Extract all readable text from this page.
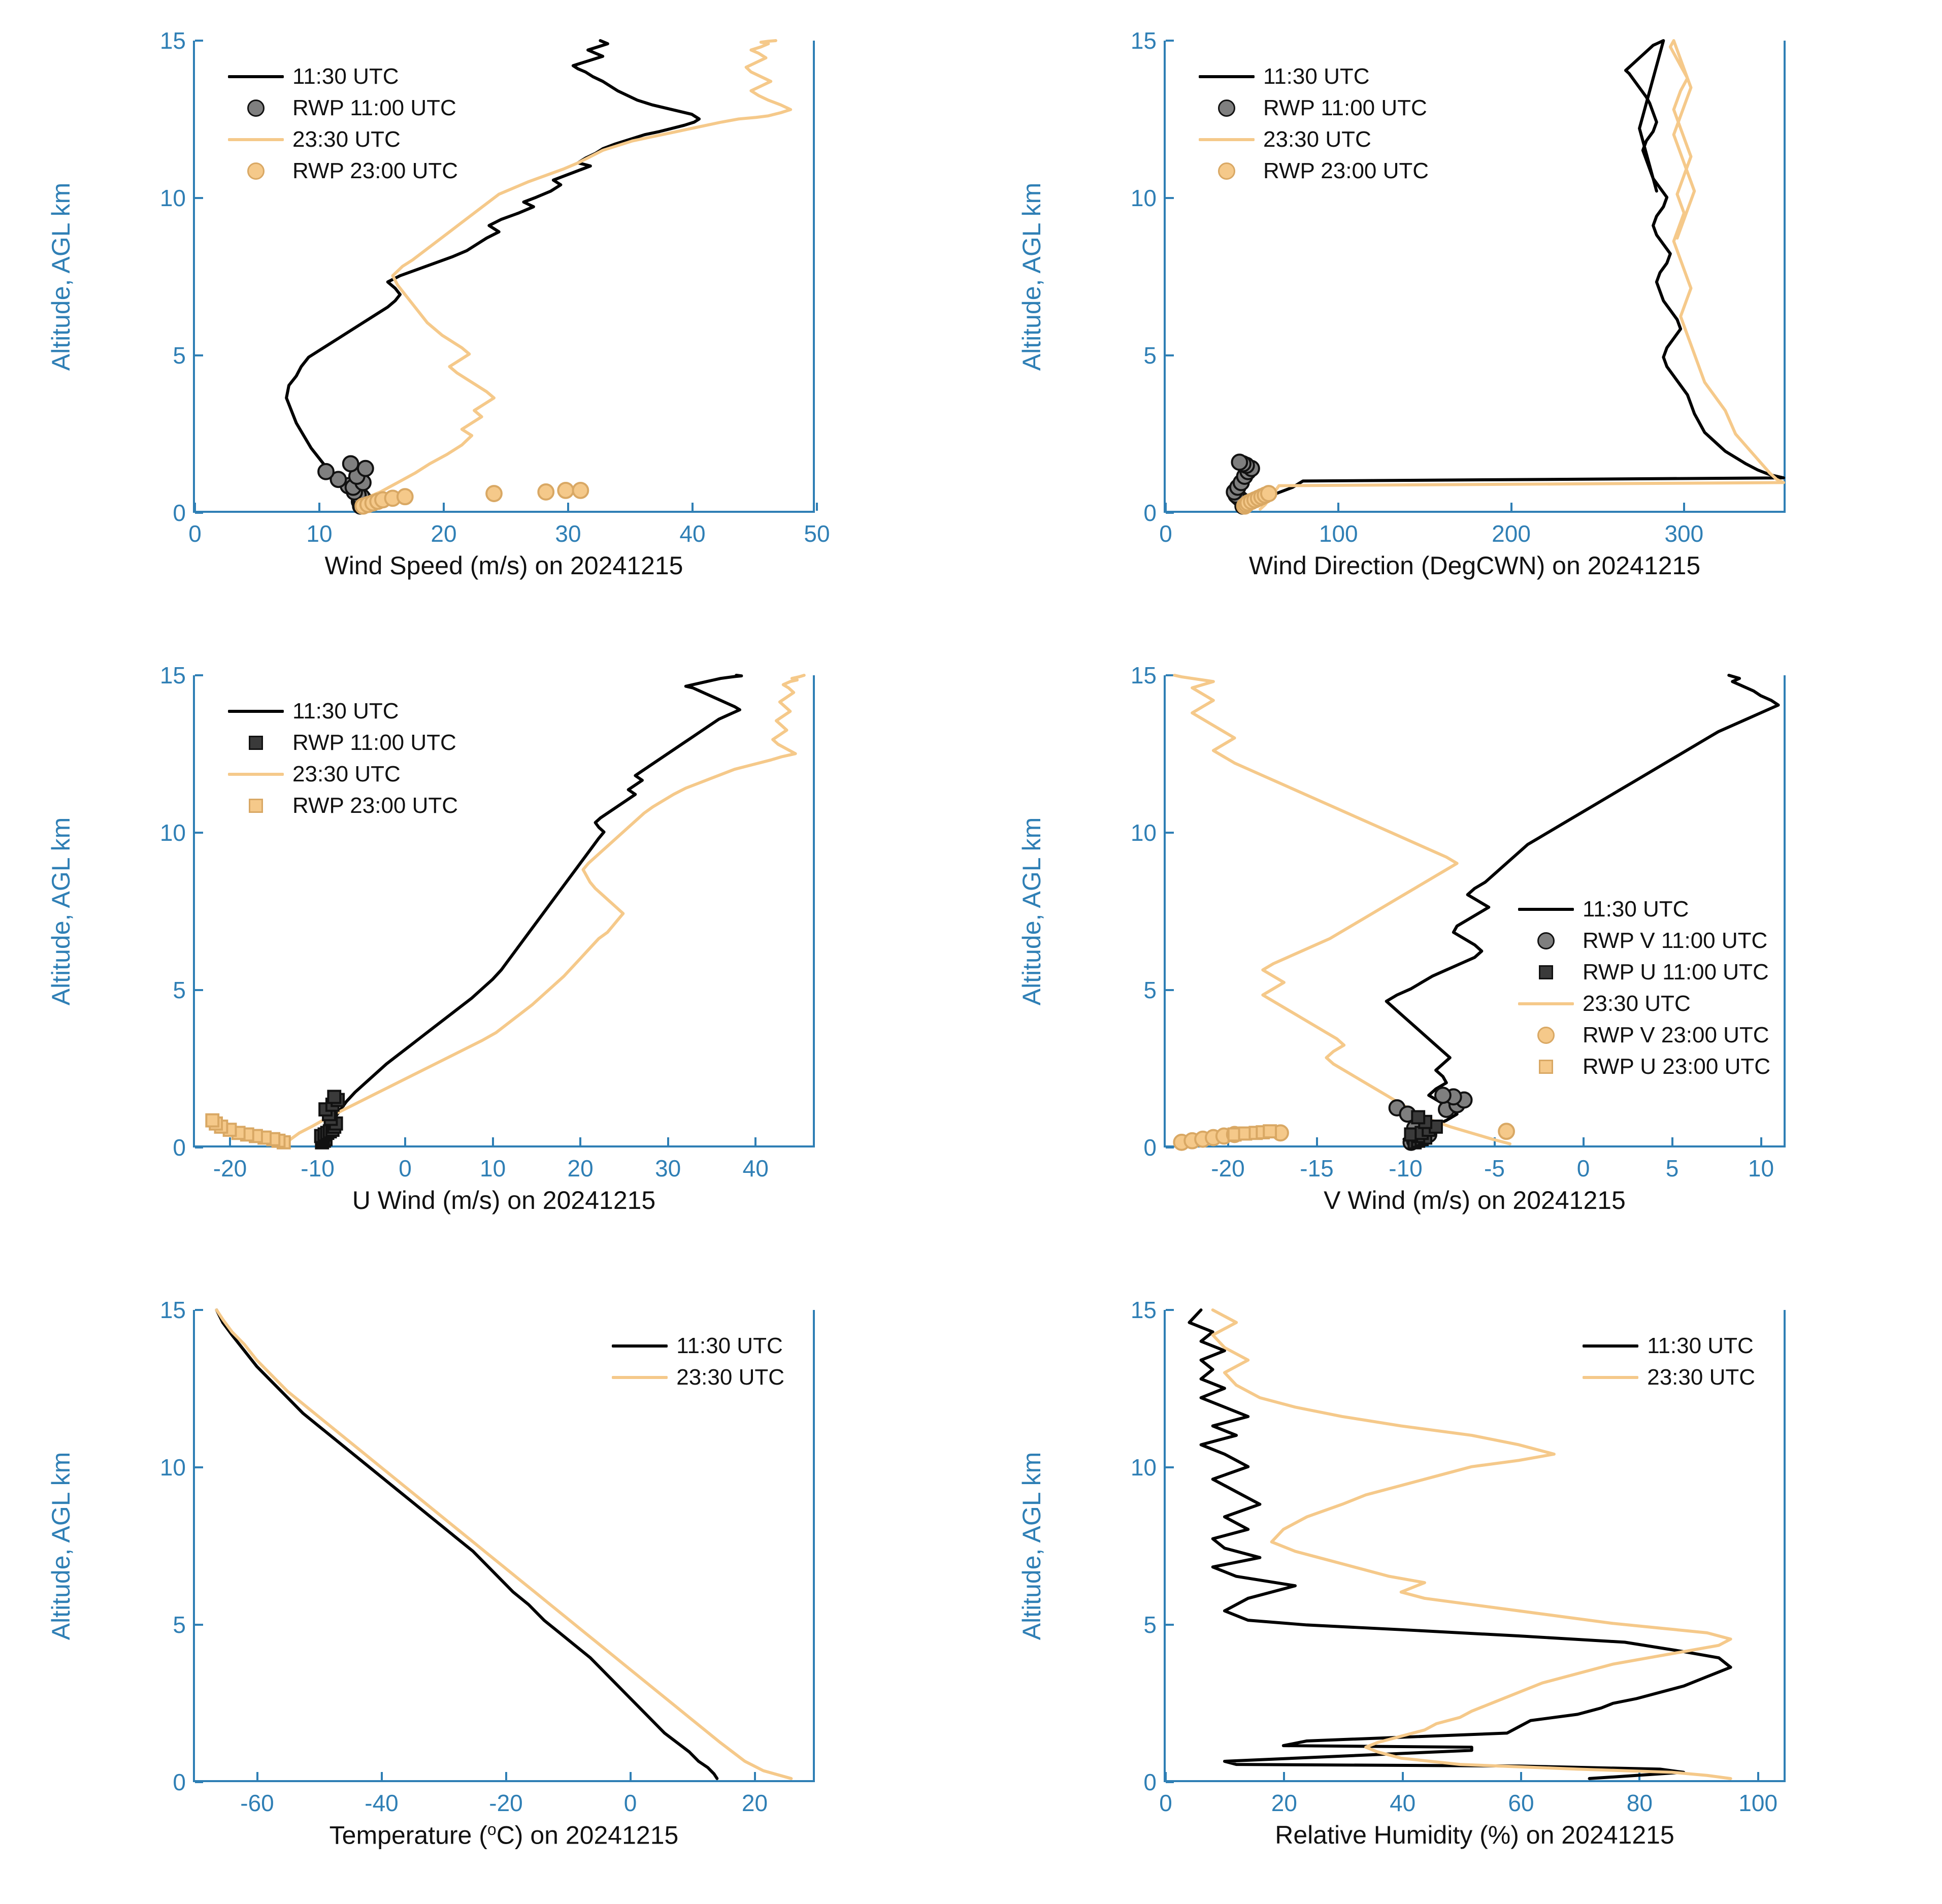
Altitude, AGL km
Wind Speed (m/s) on 20241215
0
5
10
15
0	10	20	30	40	50
11:30 UTC
RWP 11:00 UTC
23:30 UTC
RWP 23:00 UTC
Altitude, AGL km
Wind Direction (DegCWN) on 20241215
0
5
10
15
0	100	200	300
11:30 UTC
RWP 11:00 UTC
23:30 UTC
RWP 23:00 UTC
Altitude, AGL km
U Wind (m/s) on 20241215
0
5
10
15
-20 -10	0	10	20	30	40
11:30 UTC
RWP 11:00 UTC
23:30 UTC
RWP 23:00 UTC
Altitude, AGL km
V Wind (m/s) on 20241215
0
5
10
15
-20 -15 -10	-5	0	5	10
11:30 UTC
RWP V 11:00 UTC
RWP U 11:00 UTC
23:30 UTC
RWP V 23:00 UTC
RWP U 23:00 UTC
Altitude, AGL km
Temperature ($^o$C) on 20241215
0
5
10
15
-60	-40	-20	0	20
11:30 UTC
23:30 UTC
Altitude, AGL km
Relative Humidity (%) on 20241215
0
5
10
15
0	20	40	60	80	100
11:30 UTC
23:30 UTC
